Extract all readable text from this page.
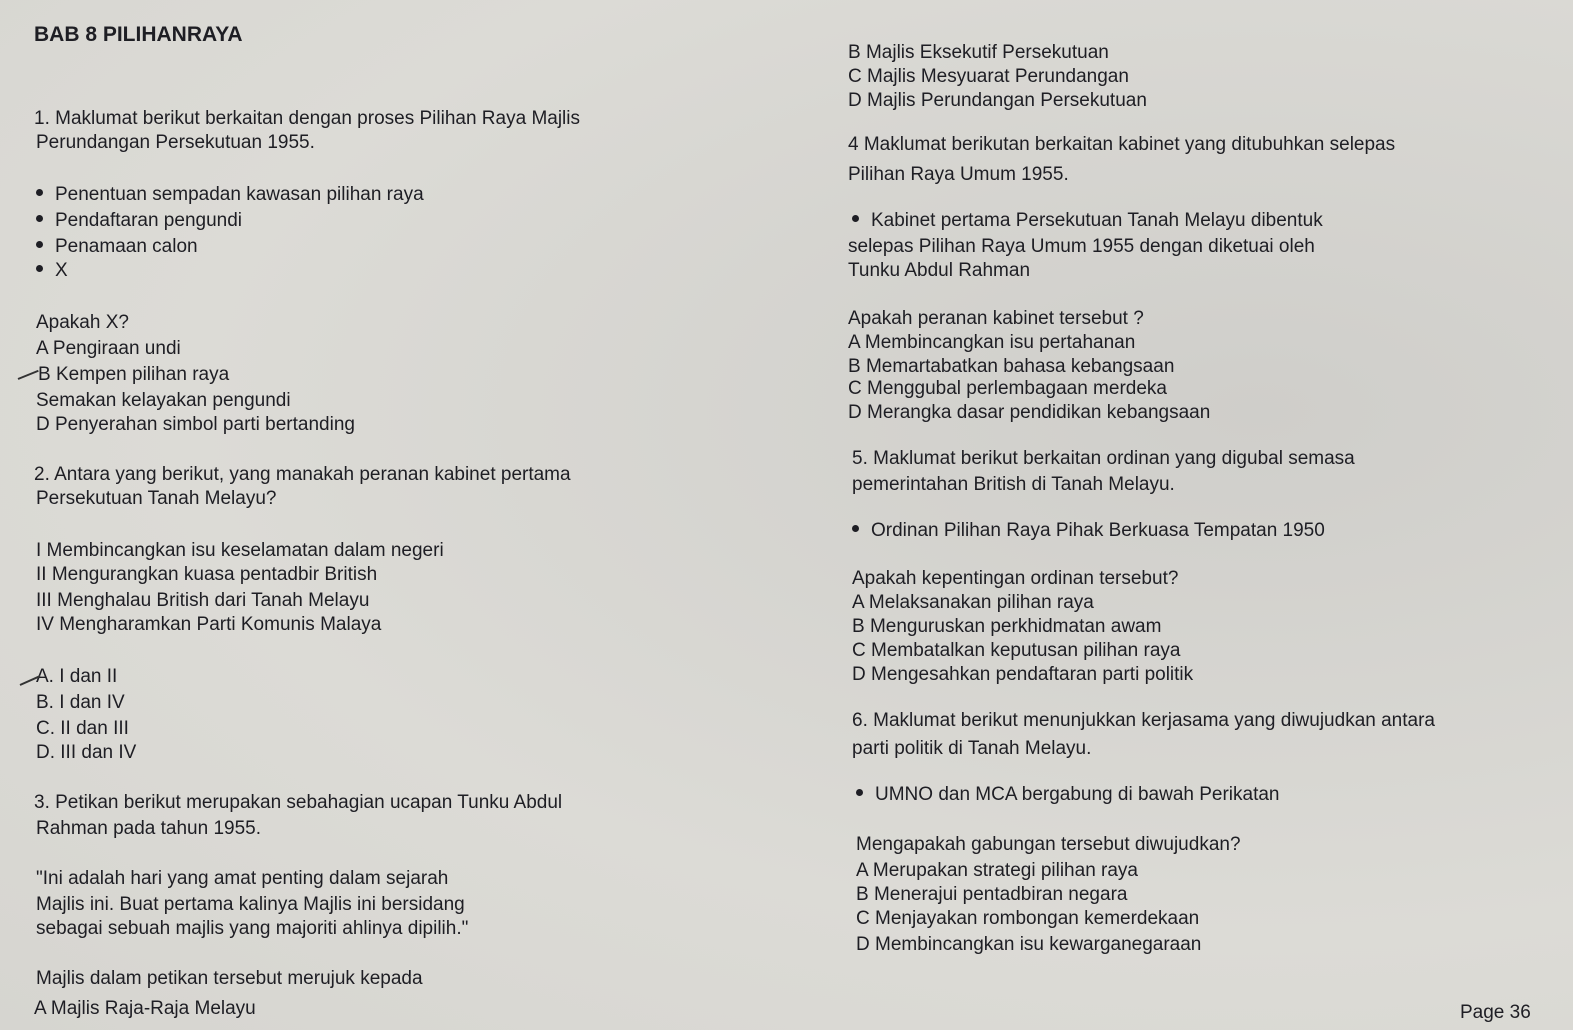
BAB 8 PILIHANRAYA
1. Maklumat berikut berkaitan dengan proses Pilihan Raya Majlis
Perundangan Persekutuan 1955.
Penentuan sempadan kawasan pilihan raya
Pendaftaran pengundi
Penamaan calon
X
Apakah X?
A Pengiraan undi
B Kempen pilihan raya
Semakan kelayakan pengundi
D Penyerahan simbol parti bertanding
2. Antara yang berikut, yang manakah peranan kabinet pertama
Persekutuan Tanah Melayu?
I Membincangkan isu keselamatan dalam negeri
II Mengurangkan kuasa pentadbir British
III Menghalau British dari Tanah Melayu
IV Mengharamkan Parti Komunis Malaya
A. I dan II
B. I dan IV
C. II dan III
D. III dan IV
3. Petikan berikut merupakan sebahagian ucapan Tunku Abdul
Rahman pada tahun 1955.
"Ini adalah hari yang amat penting dalam sejarah
Majlis ini. Buat pertama kalinya Majlis ini bersidang
sebagai sebuah majlis yang majoriti ahlinya dipilih."
Majlis dalam petikan tersebut merujuk kepada
A Majlis Raja-Raja Melayu
B Majlis Eksekutif Persekutuan
C Majlis Mesyuarat Perundangan
D Majlis Perundangan Persekutuan
4 Maklumat berikutan berkaitan kabinet yang ditubuhkan selepas
Pilihan Raya Umum 1955.
Kabinet pertama Persekutuan Tanah Melayu dibentuk
selepas Pilihan Raya Umum 1955 dengan diketuai oleh
Tunku Abdul Rahman
Apakah peranan kabinet tersebut ?
A Membincangkan isu pertahanan
B Memartabatkan bahasa kebangsaan
C Menggubal perlembagaan merdeka
D Merangka dasar pendidikan kebangsaan
5. Maklumat berikut berkaitan ordinan yang digubal semasa
pemerintahan British di Tanah Melayu.
Ordinan Pilihan Raya Pihak Berkuasa Tempatan 1950
Apakah kepentingan ordinan tersebut?
A Melaksanakan pilihan raya
B Menguruskan perkhidmatan awam
C Membatalkan keputusan pilihan raya
D Mengesahkan pendaftaran parti politik
6. Maklumat berikut menunjukkan kerjasama yang diwujudkan antara
parti politik di Tanah Melayu.
UMNO dan MCA bergabung di bawah Perikatan
Mengapakah gabungan tersebut diwujudkan?
A Merupakan strategi pilihan raya
B Menerajui pentadbiran negara
C Menjayakan rombongan kemerdekaan
D Membincangkan isu kewarganegaraan
Page 36
